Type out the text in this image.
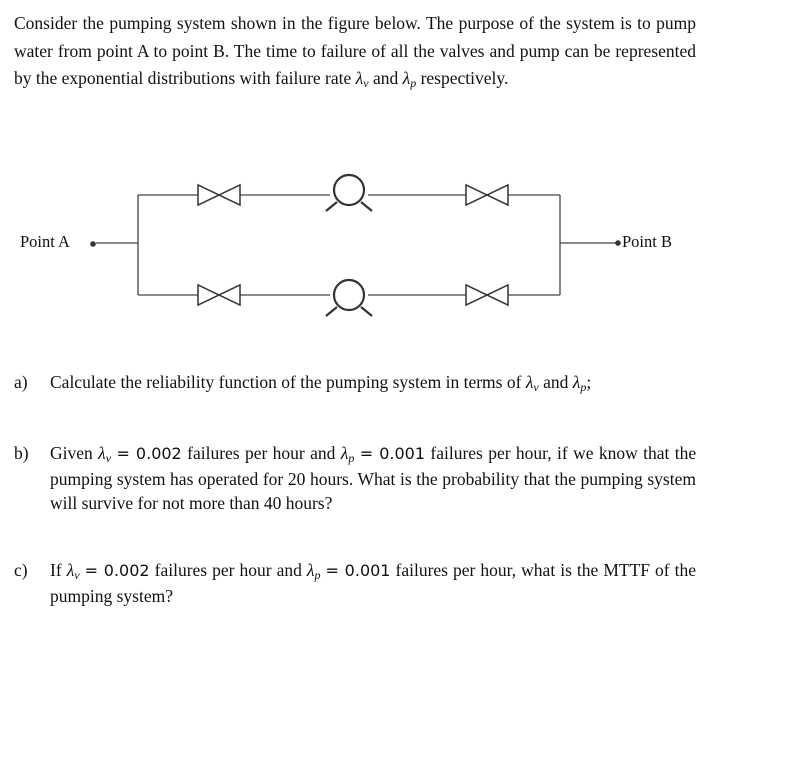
Consider the pumping system shown in the figure below. The purpose of the system is to pump water from point A to point B. The time to failure of all the valves and pump can be represented by the exponential distributions with failure rate λv and λp respectively.
Point A	Point B
a)	Calculate the reliability function of the pumping system in terms of λv and λp;
b)	Given λv = 0.002 failures per hour and λp = 0.001 failures per hour, if we know that the pumping system has operated for 20 hours. What is the probability that the pumping system will survive for not more than 40 hours?
c)	If λv = 0.002 failures per hour and λp = 0.001 failures per hour, what is the MTTF of the pumping system?
